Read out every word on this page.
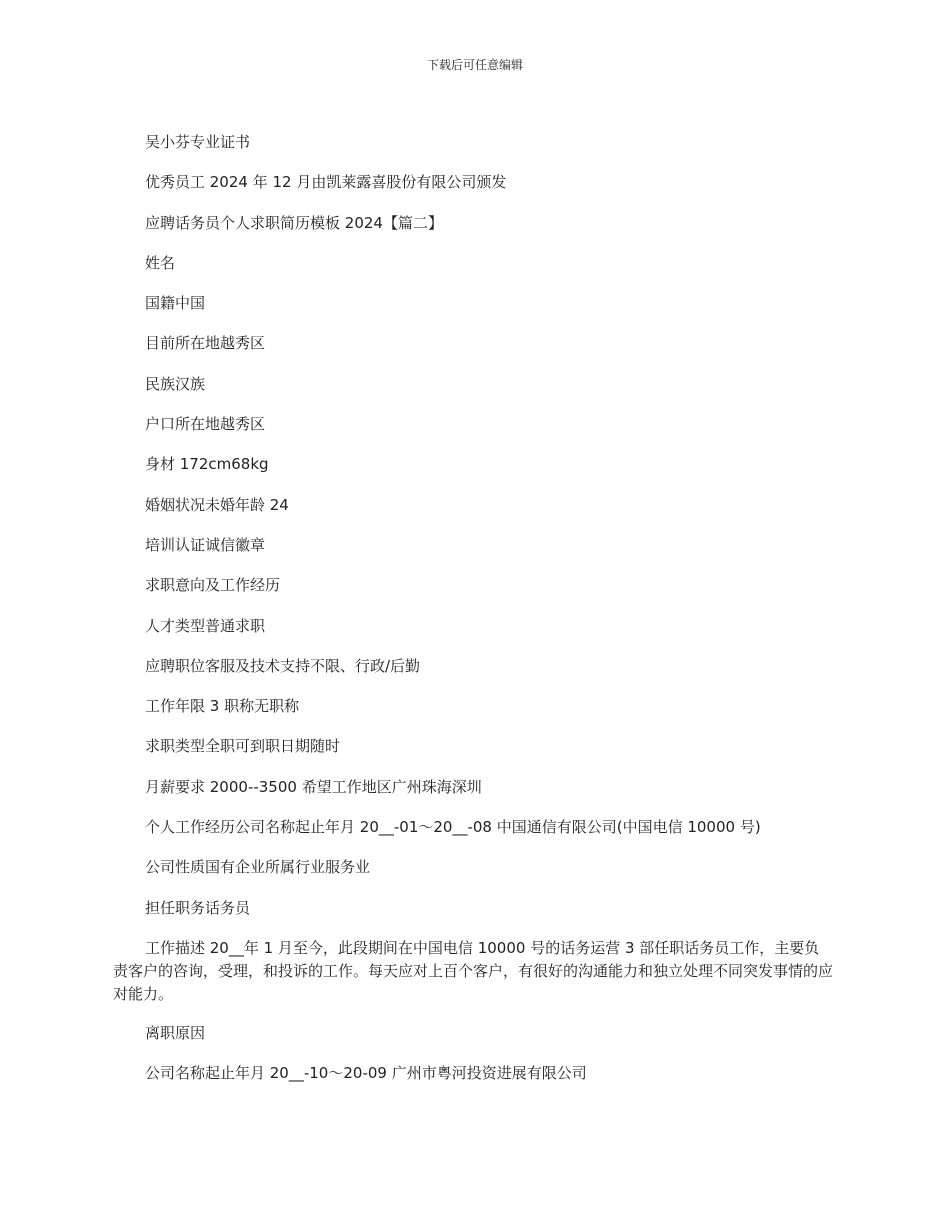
下载后可任意编辑

吴小芬专业证书

优秀员工 2024 年 12 月由凯莱露喜股份有限公司颁发

应聘话务员个人求职简历模板 2024【篇二】

姓名

国籍中国

目前所在地越秀区

民族汉族

户口所在地越秀区

身材 172cm68kg

婚姻状况未婚年龄 24

培训认证诚信徽章

求职意向及工作经历

人才类型普通求职

应聘职位客服及技术支持不限、行政/后勤

工作年限 3 职称无职称

求职类型全职可到职日期随时

月薪要求 2000--3500 希望工作地区广州珠海深圳

个人工作经历公司名称起止年月 20__-01～20__-08 中国通信有限公司(中国电信 10000 号)

公司性质国有企业所属行业服务业

担任职务话务员

工作描述 20__年 1 月至今，此段期间在中国电信 10000 号的话务运营 3 部任职话务员工作，主要负责客户的咨询，受理，和投诉的工作。每天应对上百个客户，有很好的沟通能力和独立处理不同突发事情的应对能力。

离职原因

公司名称起止年月 20__-10～20-09 广州市粤河投资进展有限公司
